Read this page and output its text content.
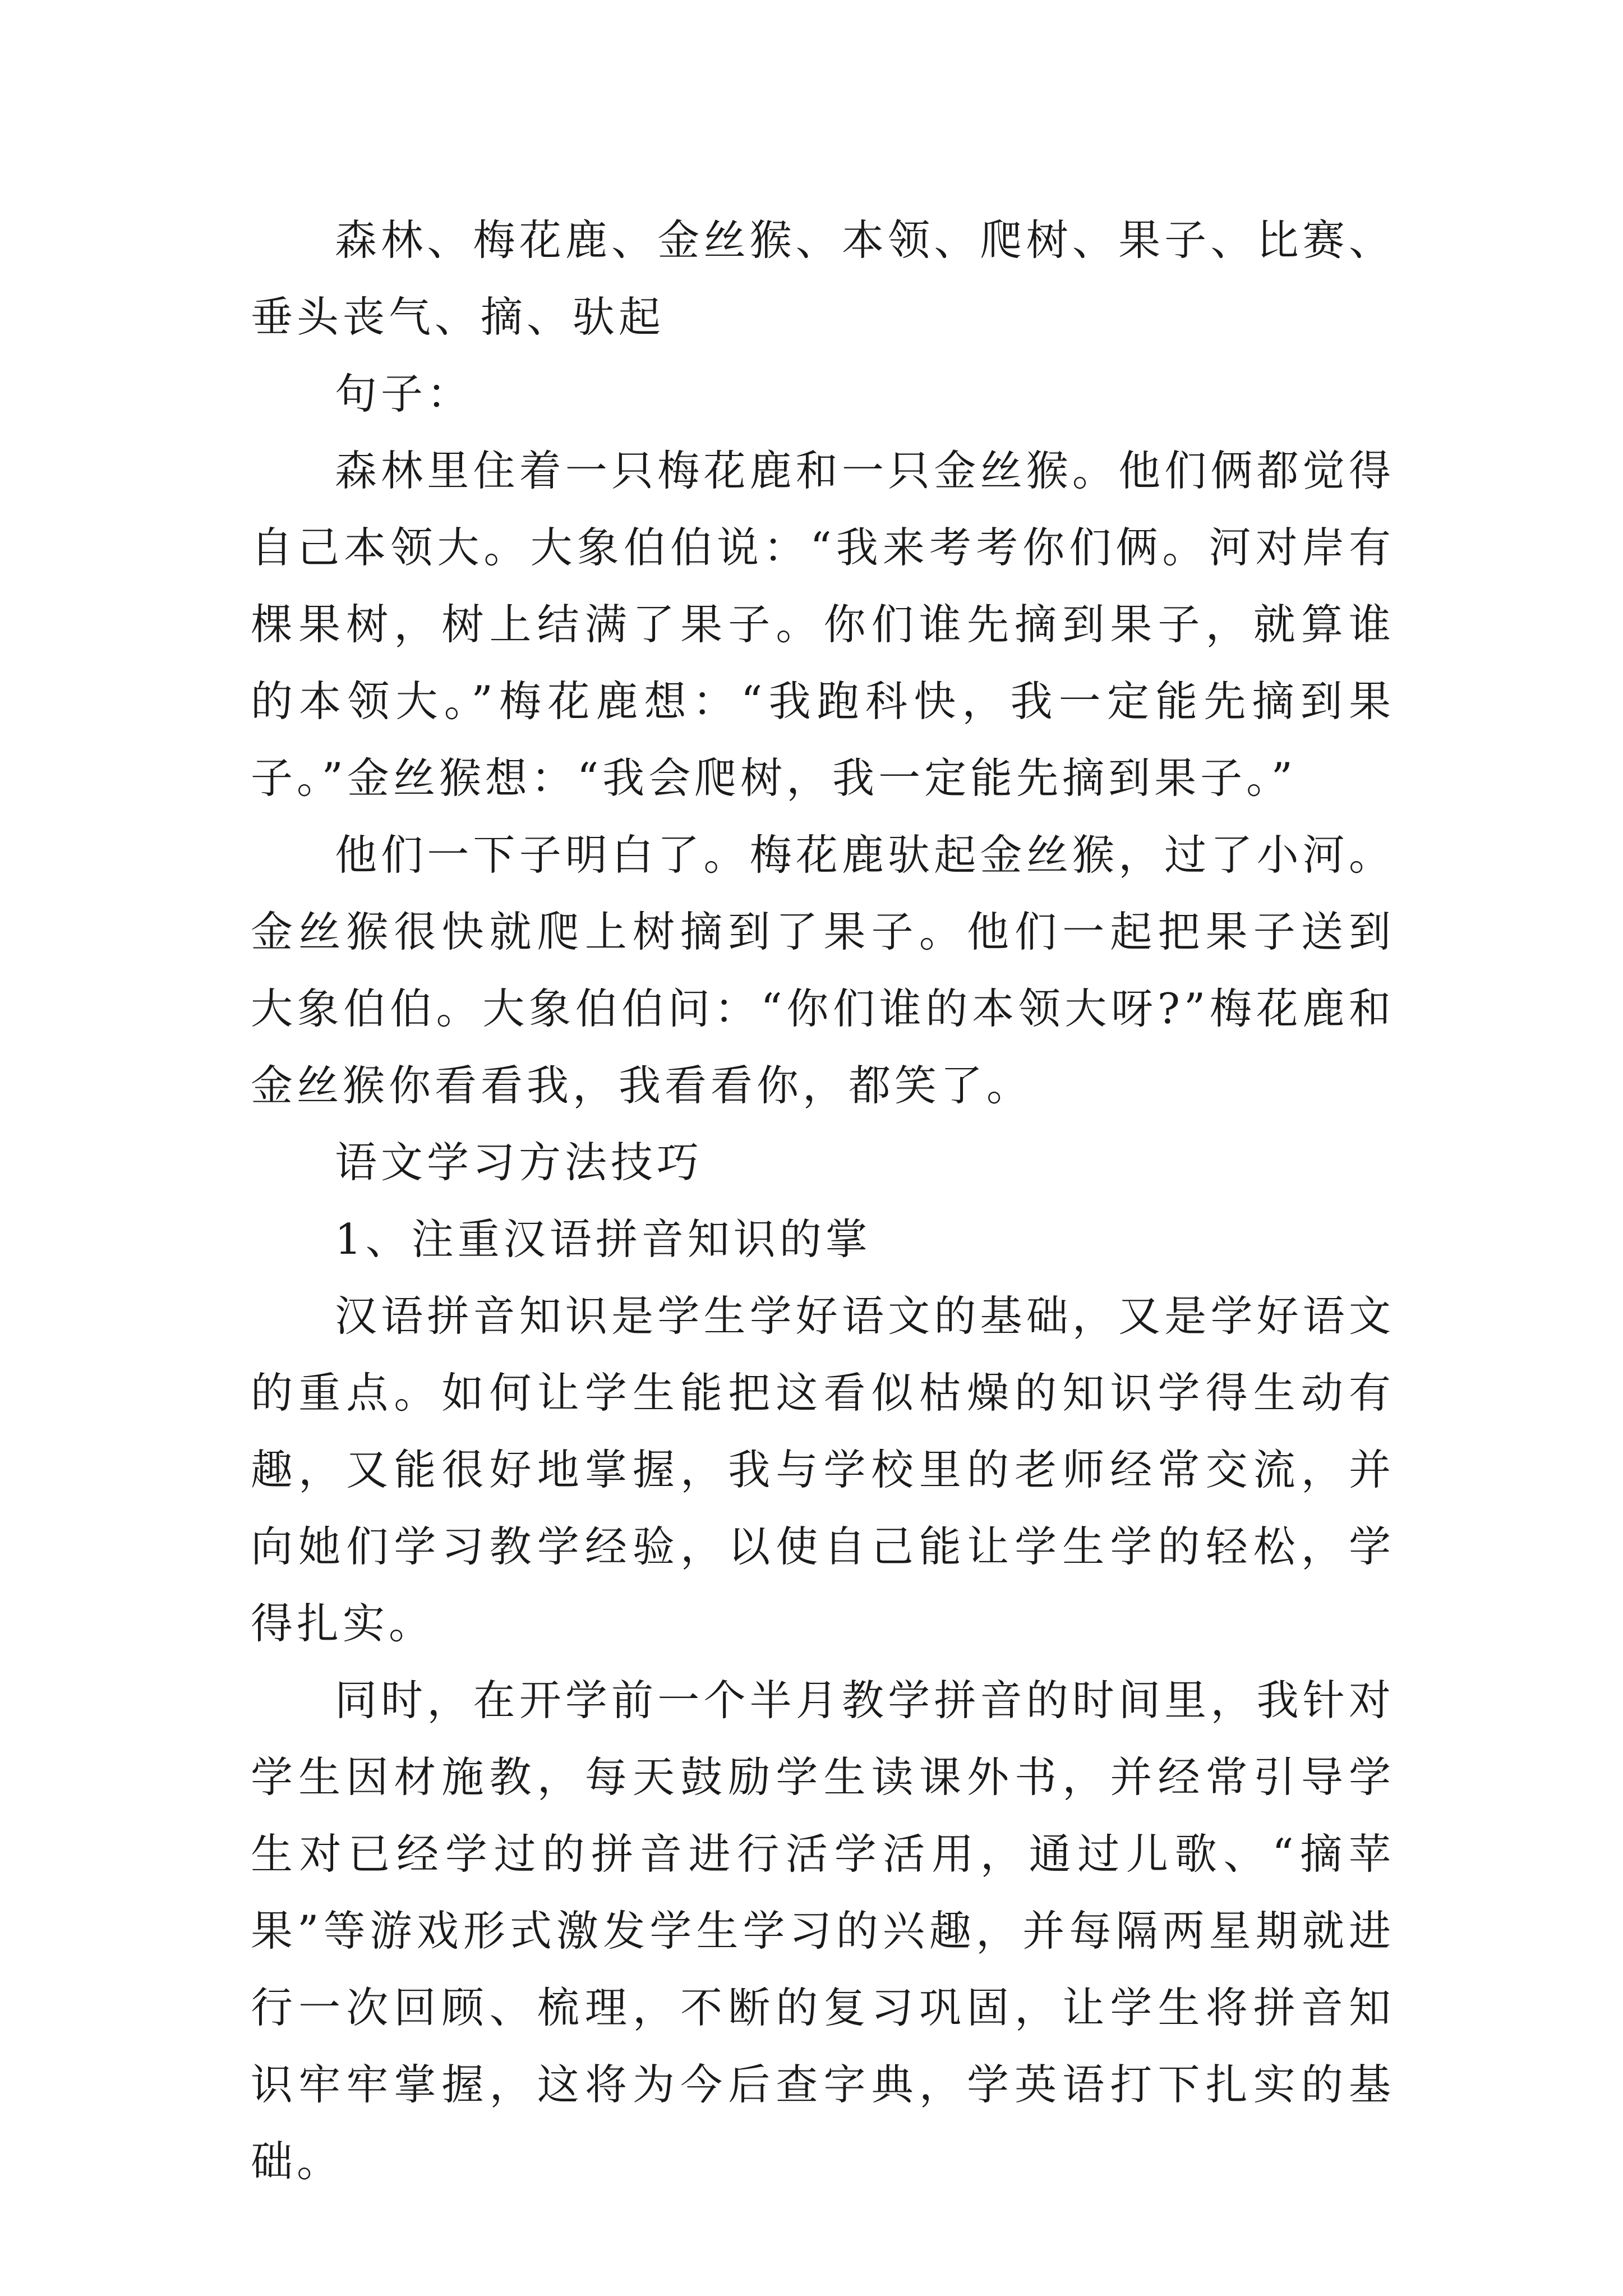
森林、梅花鹿、金丝猴、本领、爬树、果子、比赛、垂头丧气、摘、驮起

句子：

森林里住着一只梅花鹿和一只金丝猴。他们俩都觉得自己本领大。大象伯伯说：“我来考考你们俩。河对岸有棵果树，树上结满了果子。你们谁先摘到果子，就算谁的本领大。”梅花鹿想：“我跑科快，我一定能先摘到果子。”金丝猴想：“我会爬树，我一定能先摘到果子。”

他们一下子明白了。梅花鹿驮起金丝猴，过了小河。金丝猴很快就爬上树摘到了果子。他们一起把果子送到大象伯伯。大象伯伯问：“你们谁的本领大呀?”梅花鹿和金丝猴你看看我，我看看你，都笑了。

语文学习方法技巧

1、注重汉语拼音知识的掌

汉语拼音知识是学生学好语文的基础，又是学好语文的重点。如何让学生能把这看似枯燥的知识学得生动有趣，又能很好地掌握，我与学校里的老师经常交流，并向她们学习教学经验，以使自己能让学生学的轻松，学得扎实。

同时，在开学前一个半月教学拼音的时间里，我针对学生因材施教，每天鼓励学生读课外书，并经常引导学生对已经学过的拼音进行活学活用，通过儿歌、“摘苹果”等游戏形式激发学生学习的兴趣，并每隔两星期就进行一次回顾、梳理，不断的复习巩固，让学生将拼音知识牢牢掌握，这将为今后查字典，学英语打下扎实的基础。
